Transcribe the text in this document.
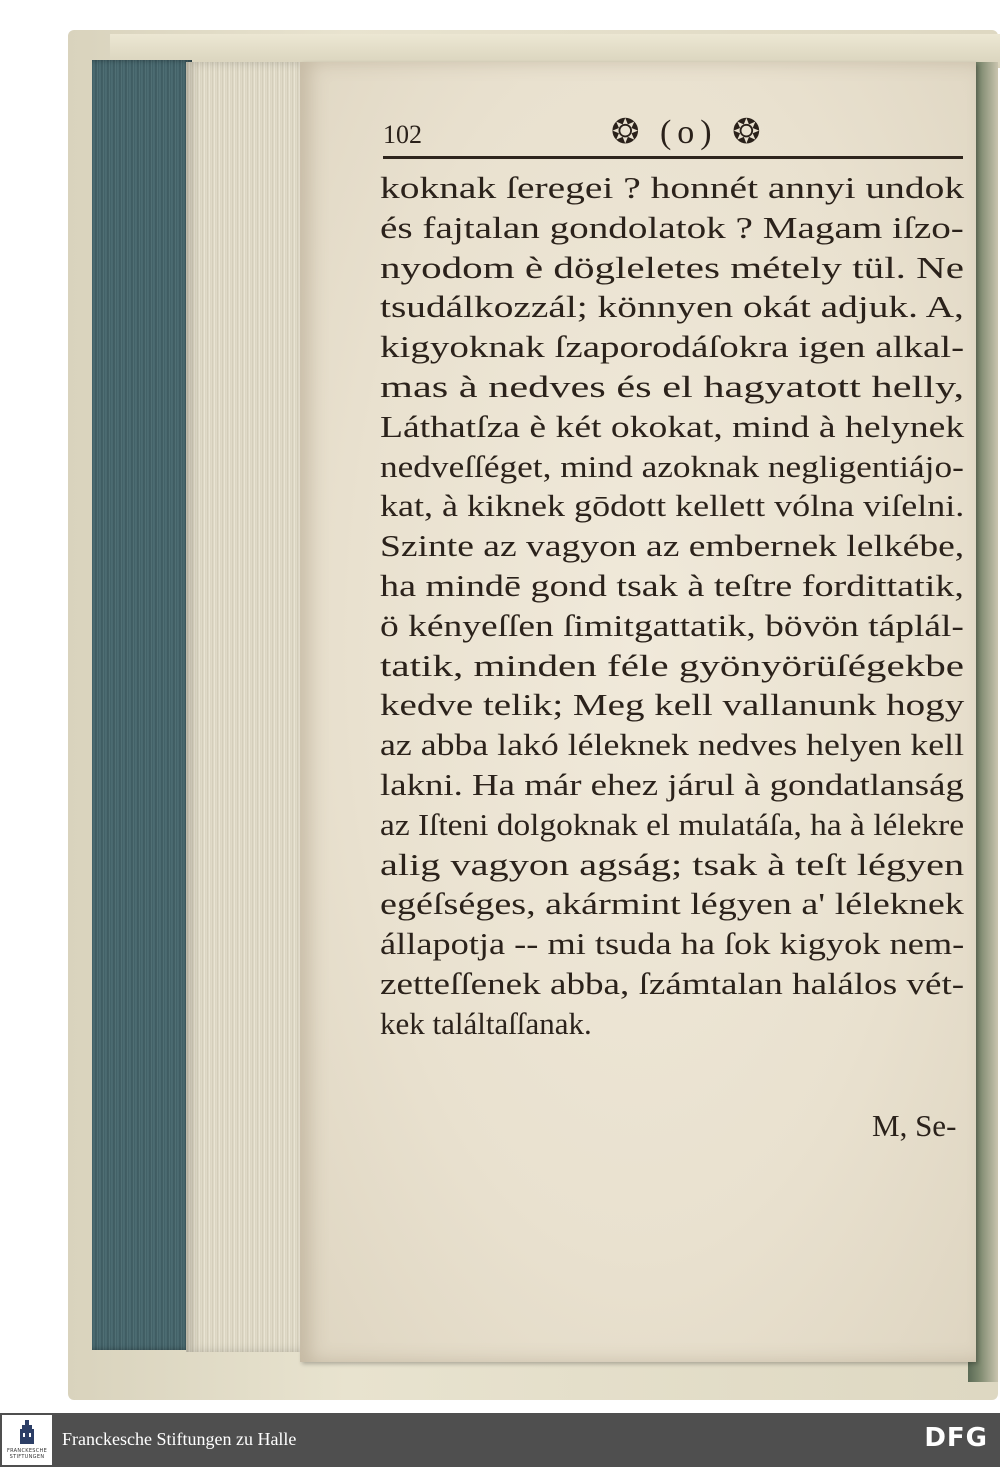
102	❂ (o) ❂
koknak ſeregei ? honnét annyi undok
és fajtalan gondolatok ? Magam iſzo-
nyodom è dögleletes métely tül. Ne
tsudálkozzál; könnyen okát adjuk. A,
kigyoknak ſzaporodáſokra igen alkal-
mas à nedves és el hagyatott helly,
Láthatſza è két okokat, mind à helynek
nedveſſéget, mind azoknak negligentiájo-
kat, à kiknek gōdott kellett vólna viſelni.
Szinte az vagyon az embernek lelkébe,
ha mindē gond tsak à teſtre fordittatik,
ö kényeſſen ſimitgattatik, bövön táplál-
tatik, minden féle gyönyörüſégekbe
kedve telik; Meg kell vallanunk hogy
az abba lakó léleknek nedves helyen kell
lakni. Ha már ehez járul à gondatlanság
az Iſteni dolgoknak el mulatáſa, ha à lélekre
alig vagyon agság; tsak à teſt légyen
egéſséges, akármint légyen a' léleknek
állapotja -- mi tsuda ha ſok kigyok nem-
zetteſſenek abba, ſzámtalan halálos vét-
kek találtaſſanak.
M, Se-
FRANCKESCHE STIFTUNGEN
Franckesche Stiftungen zu Halle	DFG
